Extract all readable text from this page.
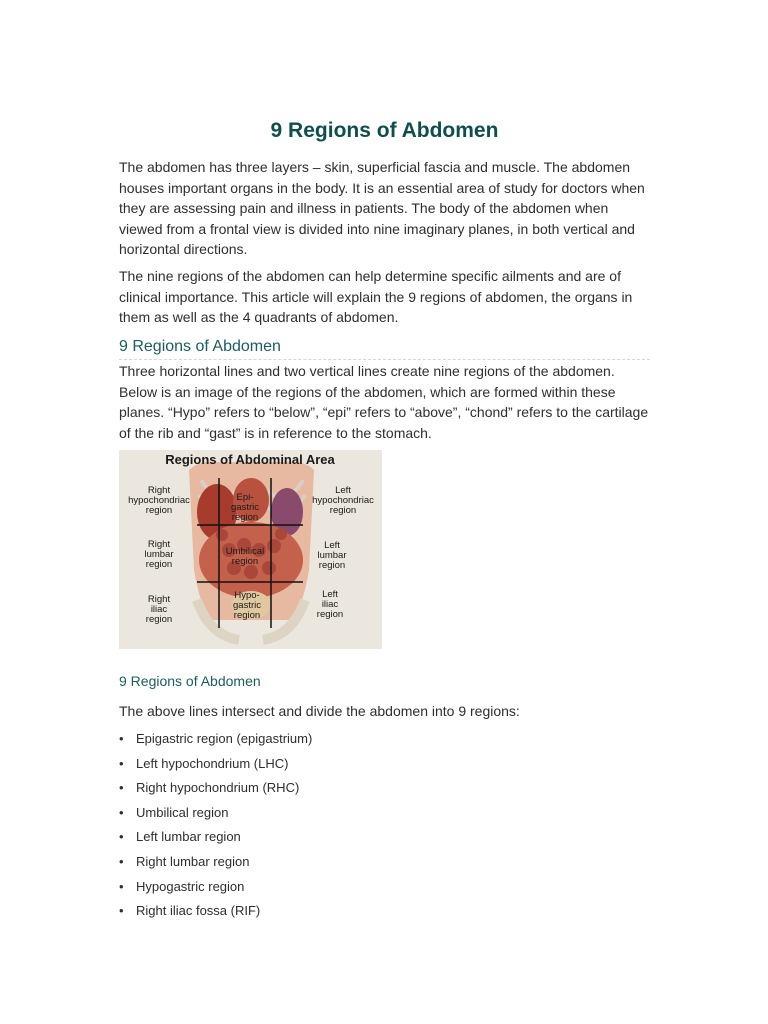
9 Regions of Abdomen

The abdomen has three layers – skin, superficial fascia and muscle. The abdomen houses important organs in the body. It is an essential area of study for doctors when they are assessing pain and illness in patients. The body of the abdomen when viewed from a frontal view is divided into nine imaginary planes, in both vertical and horizontal directions.

The nine regions of the abdomen can help determine specific ailments and are of clinical importance. This article will explain the 9 regions of abdomen, the organs in them as well as the 4 quadrants of abdomen.

9 Regions of Abdomen

Three horizontal lines and two vertical lines create nine regions of the abdomen. Below is an image of the regions of the abdomen, which are formed within these planes. “Hypo” refers to “below”, “epi” refers to “above”, “chond” refers to the cartilage of the rib and “gast” is in reference to the stomach.

Regions of Abdominal Area
Right
hypochondriac
region
Left
hypochondriac
region
Epi-
gastric
region
Right
lumbar
region
Umbilical
region
Left
lumbar
region
Right
iliac
region
Hypo-
gastric
region
Left
iliac
region
9 Regions of Abdomen

The above lines intersect and divide the abdomen into 9 regions:

• Epigastric region (epigastrium)
• Left hypochondrium (LHC)
• Right hypochondrium (RHC)
• Umbilical region
• Left lumbar region
• Right lumbar region
• Hypogastric region
• Right iliac fossa (RIF)
